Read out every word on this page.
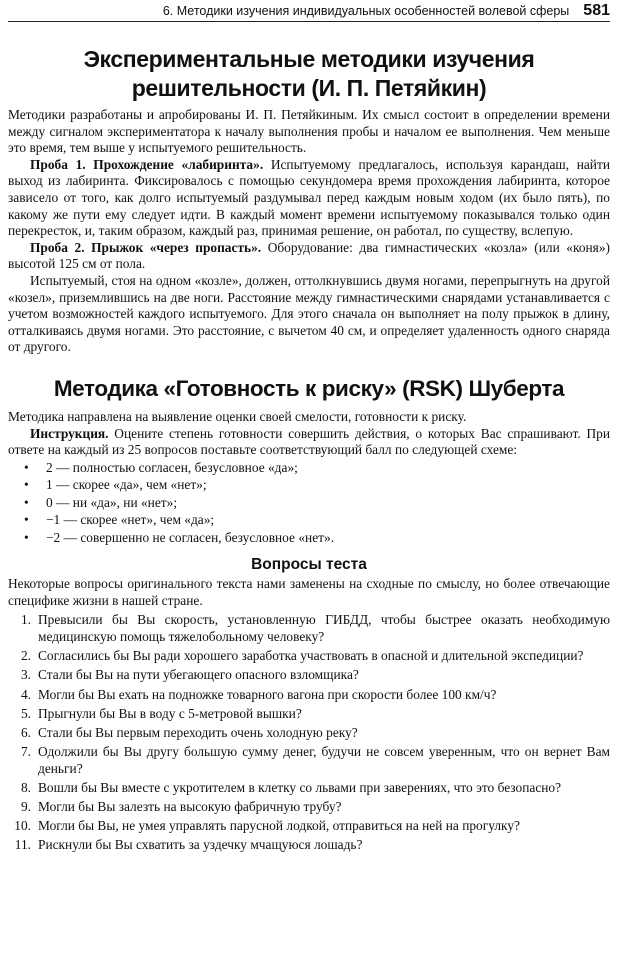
6. Методики изучения индивидуальных особенностей волевой сферы 581
Экспериментальные методики изучения
решительности (И. П. Петяйкин)

Методики разработаны и апробированы И. П. Петяйкиным. Их смысл состоит в определении времени между сигналом экспериментатора к началу выполнения пробы и началом ее выполнения. Чем меньше это время, тем выше у испытуемого решительность.

Проба 1. Прохождение «лабиринта». Испытуемому предлагалось, используя карандаш, найти выход из лабиринта. Фиксировалось с помощью секундомера время прохождения лабиринта, которое зависело от того, как долго испытуемый раздумывал перед каждым новым ходом (их было пять), по какому же пути ему следует идти. В каждый момент времени испытуемому показывался только один перекресток, и, таким образом, каждый раз, принимая решение, он работал, по существу, вслепую.

Проба 2. Прыжок «через пропасть». Оборудование: два гимнастических «козла» (или «коня») высотой 125 см от пола.

Испытуемый, стоя на одном «козле», должен, оттолкнувшись двумя ногами, перепрыгнуть на другой «козел», приземлившись на две ноги. Расстояние между гимнастическими снарядами устанавливается с учетом возможностей каждого испытуемого. Для этого сначала он выполняет на полу прыжок в длину, отталкиваясь двумя ногами. Это расстояние, с вычетом 40 см, и определяет удаленность одного снаряда от другого.

Методика «Готовность к риску» (RSK) Шуберта

Методика направлена на выявление оценки своей смелости, готовности к риску.

Инструкция. Оцените степень готовности совершить действия, о которых Вас спрашивают. При ответе на каждый из 25 вопросов поставьте соответствующий балл по следующей схеме:

•	2 — полностью согласен, безусловное «да»;
•	1 — скорее «да», чем «нет»;
•	0 — ни «да», ни «нет»;
•	−1 — скорее «нет», чем «да»;
•	−2 — совершенно не согласен, безусловное «нет».
Вопросы теста

Некоторые вопросы оригинального текста нами заменены на сходные по смыслу, но более отвечающие специфике жизни в нашей стране.

1. Превысили бы Вы скорость, установленную ГИБДД, чтобы быстрее оказать необходимую медицинскую помощь тяжелобольному человеку?
2. Согласились бы Вы ради хорошего заработка участвовать в опасной и длительной экспедиции?
3. Стали бы Вы на пути убегающего опасного взломщика?
4. Могли бы Вы ехать на подножке товарного вагона при скорости более 100 км/ч?
5. Прыгнули бы Вы в воду с 5-метровой вышки?
6. Стали бы Вы первым переходить очень холодную реку?
7. Одолжили бы Вы другу большую сумму денег, будучи не совсем уверенным, что он вернет Вам деньги?
8. Вошли бы Вы вместе с укротителем в клетку со львами при заверениях, что это безопасно?
9. Могли бы Вы залезть на высокую фабричную трубу?
10. Могли бы Вы, не умея управлять парусной лодкой, отправиться на ней на прогулку?
11. Рискнули бы Вы схватить за уздечку мчащуюся лошадь?
